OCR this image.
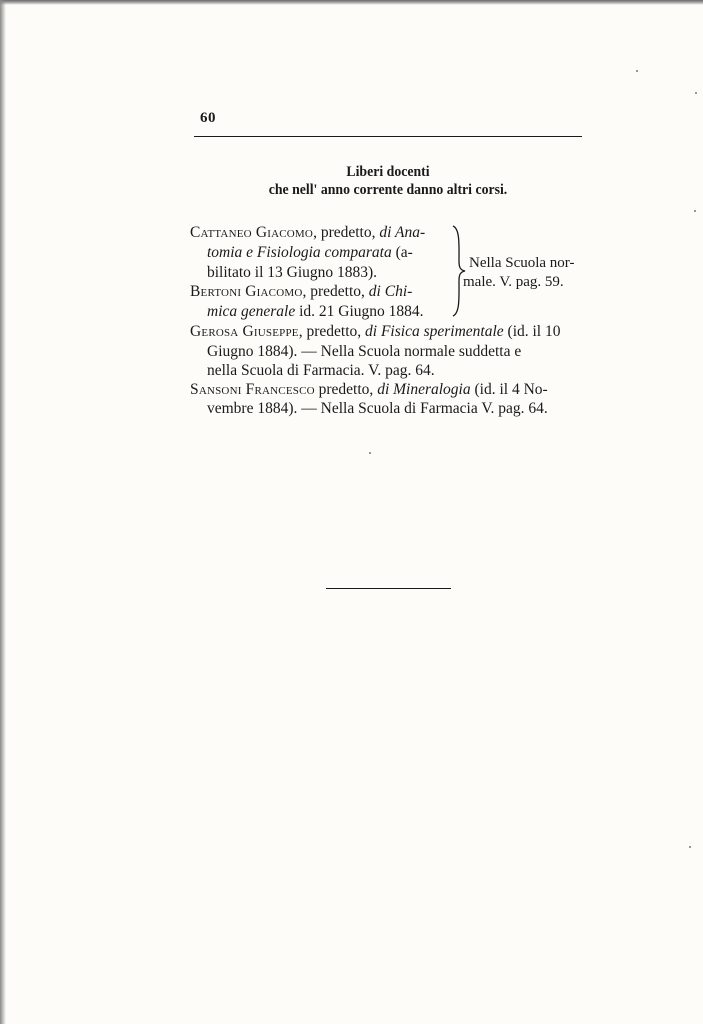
60
Liberi docenti
che nell' anno corrente danno altri corsi.
Cattaneo Giacomo, predetto, di Ana-
tomia e Fisiologia comparata (a-
bilitato il 13 Giugno 1883).
Bertoni Giacomo, predetto, di Chi-
mica generale id. 21 Giugno 1884.
Nella Scuola nor-
male. V. pag. 59.
Gerosa Giuseppe, predetto, di Fisica sperimentale (id. il 10
Giugno 1884). — Nella Scuola normale suddetta e
nella Scuola di Farmacia. V. pag. 64.
Sansoni Francesco predetto, di Mineralogia (id. il 4 No-
vembre 1884). — Nella Scuola di Farmacia V. pag. 64.
